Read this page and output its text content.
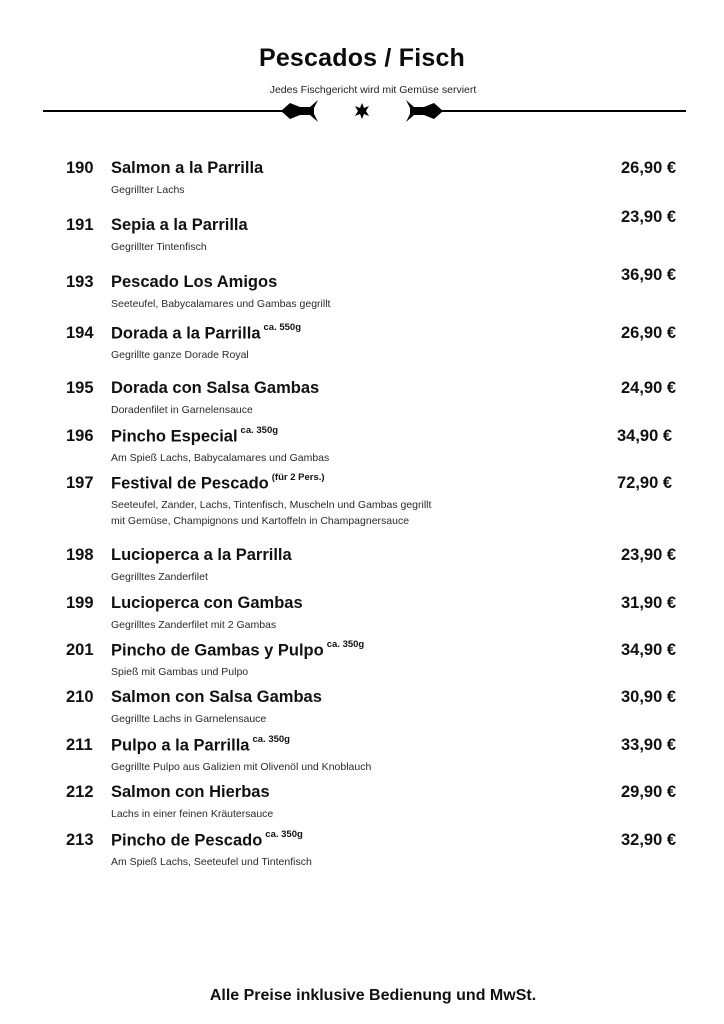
Pescados / Fisch
Jedes Fischgericht wird mit Gemüse serviert
190 Salmon a la Parrilla
Gegrillter Lachs
26,90 €
191 Sepia a la Parrilla
Gegrillter Tintenfisch
23,90 €
193 Pescado Los Amigos
Seeteufel, Babycalamares und Gambas gegrillt
36,90 €
194 Dorada a la Parrilla $^{ca. 550g}$
Gegrillte ganze Dorade Royal
26,90 €
195 Dorada con Salsa Gambas
Doradenfilet in Garnelensauce
24,90 €
196 Pincho Especial $^{ca. 350g}$
Am Spieß Lachs, Babycalamares und Gambas
34,90 €
197 Festival de Pescado $^{(für 2 Pers.)}$
Seeteufel, Zander, Lachs, Tintenfisch, Muscheln und Gambas gegrillt
mit Gemüse, Champignons und Kartoffeln in Champagnersauce
72,90 €
198 Lucioperca a la Parrilla
Gegrilltes Zanderfilet
23,90 €
199 Lucioperca con Gambas
Gegrilltes Zanderfilet mit 2 Gambas
31,90 €
201 Pincho de Gambas y Pulpo $^{ca. 350g}$
Spieß mit Gambas und Pulpo
34,90 €
210 Salmon con Salsa Gambas
Gegrillte Lachs in Garnelensauce
30,90 €
211 Pulpo a la Parrilla $^{ca. 350g}$
Gegrillte Pulpo aus Galizien mit Olivenöl und Knoblauch
33,90 €
212 Salmon con Hierbas
Lachs in einer feinen Kräutersauce
29,90 €
213 Pincho de Pescado $^{ca. 350g}$
Am Spieß Lachs, Seeteufel und Tintenfisch
32,90 €
Alle Preise inklusive Bedienung und MwSt.
